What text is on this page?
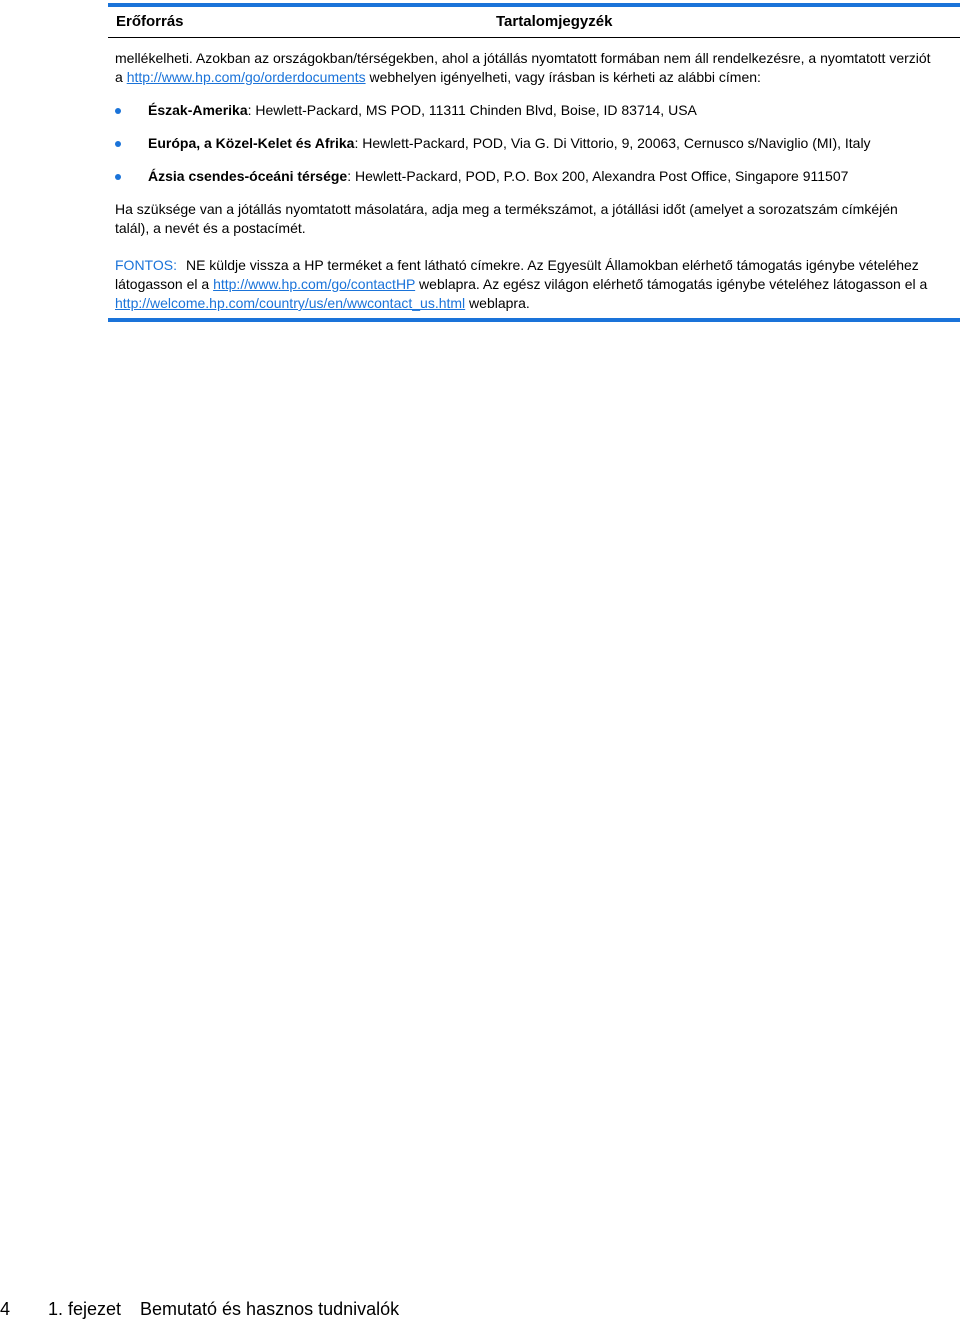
Erőforrás	Tartalomjegyzék

mellékelheti. Azokban az országokban/térségekben, ahol a jótállás nyomtatott formában nem áll rendelkezésre, a nyomtatott verziót a http://www.hp.com/go/orderdocuments webhelyen igényelheti, vagy írásban is kérheti az alábbi címen:

Észak-Amerika: Hewlett-Packard, MS POD, 11311 Chinden Blvd, Boise, ID 83714, USA
Európa, a Közel-Kelet és Afrika: Hewlett-Packard, POD, Via G. Di Vittorio, 9, 20063, Cernusco s/Naviglio (MI), Italy
Ázsia csendes-óceáni térsége: Hewlett-Packard, POD, P.O. Box 200, Alexandra Post Office, Singapore 911507

Ha szüksége van a jótállás nyomtatott másolatára, adja meg a termékszámot, a jótállási időt (amelyet a sorozatszám címkéjén talál), a nevét és a postacímét.

FONTOS: NE küldje vissza a HP terméket a fent látható címekre. Az Egyesült Államokban elérhető támogatás igénybe vételéhez látogasson el a http://www.hp.com/go/contactHP weblapra. Az egész világon elérhető támogatás igénybe vételéhez látogasson el a http://welcome.hp.com/country/us/en/wwcontact_us.html weblapra.

4 1. fejezet Bemutató és hasznos tudnivalók
